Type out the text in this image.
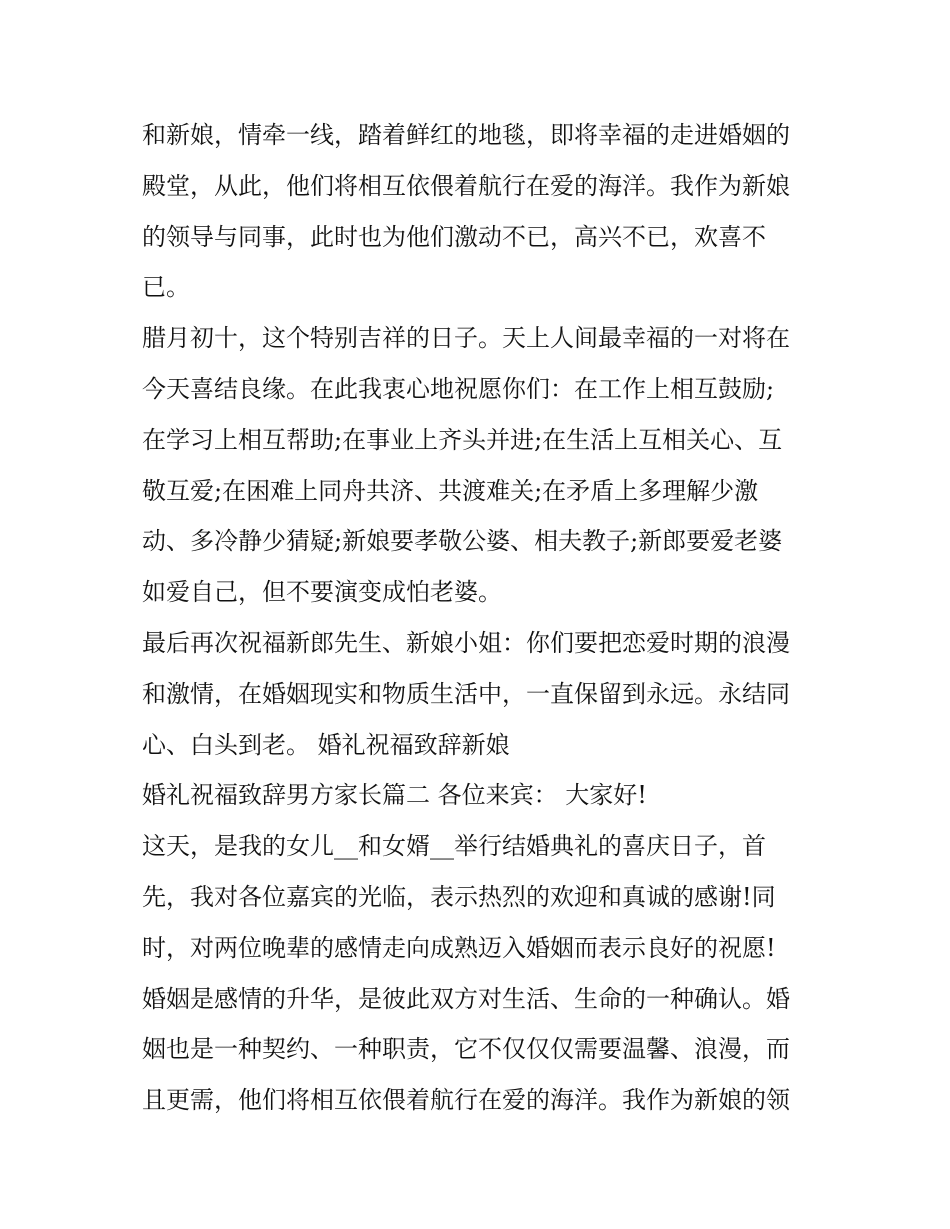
和新娘，情牵一线，踏着鲜红的地毯，即将幸福的走进婚姻的
殿堂，从此，他们将相互依偎着航行在爱的海洋。我作为新娘
的领导与同事，此时也为他们激动不已，高兴不已，欢喜不
已。
腊月初十，这个特别吉祥的日子。天上人间最幸福的一对将在
今天喜结良缘。在此我衷心地祝愿你们：在工作上相互鼓励;
在学习上相互帮助;在事业上齐头并进;在生活上互相关心、互
敬互爱;在困难上同舟共济、共渡难关;在矛盾上多理解少激
动、多冷静少猜疑;新娘要孝敬公婆、相夫教子;新郎要爱老婆
如爱自己，但不要演变成怕老婆。
最后再次祝福新郎先生、新娘小姐：你们要把恋爱时期的浪漫
和激情，在婚姻现实和物质生活中，一直保留到永远。永结同
心、白头到老。 婚礼祝福致辞新娘
婚礼祝福致辞男方家长篇二 各位来宾： 大家好!
这天，是我的女儿__和女婿__举行结婚典礼的喜庆日子，首
先，我对各位嘉宾的光临，表示热烈的欢迎和真诚的感谢!同
时，对两位晚辈的感情走向成熟迈入婚姻而表示良好的祝愿!
婚姻是感情的升华，是彼此双方对生活、生命的一种确认。婚
姻也是一种契约、一种职责，它不仅仅仅需要温馨、浪漫，而
且更需，他们将相互依偎着航行在爱的海洋。我作为新娘的领
